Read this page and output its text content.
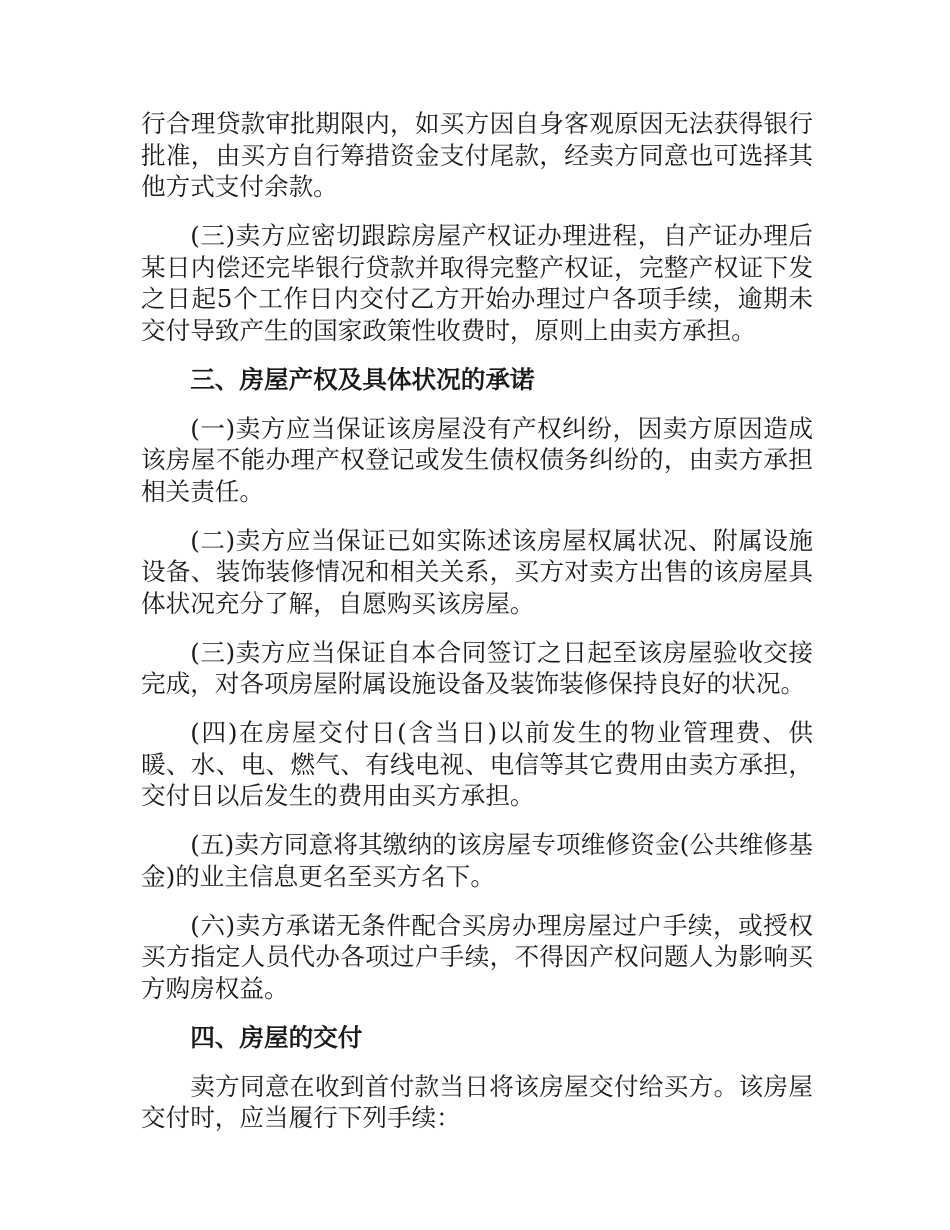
行合理贷款审批期限内，如买方因自身客观原因无法获得银行批准，由买方自行筹措资金支付尾款，经卖方同意也可选择其他方式支付余款。

(三)卖方应密切跟踪房屋产权证办理进程，自产证办理后某日内偿还完毕银行贷款并取得完整产权证，完整产权证下发之日起5个工作日内交付乙方开始办理过户各项手续，逾期未交付导致产生的国家政策性收费时，原则上由卖方承担。

三、房屋产权及具体状况的承诺

(一)卖方应当保证该房屋没有产权纠纷，因卖方原因造成该房屋不能办理产权登记或发生债权债务纠纷的，由卖方承担相关责任。

(二)卖方应当保证已如实陈述该房屋权属状况、附属设施设备、装饰装修情况和相关关系，买方对卖方出售的该房屋具体状况充分了解，自愿购买该房屋。

(三)卖方应当保证自本合同签订之日起至该房屋验收交接完成，对各项房屋附属设施设备及装饰装修保持良好的状况。

(四)在房屋交付日(含当日)以前发生的物业管理费、供暖、水、电、燃气、有线电视、电信等其它费用由卖方承担，交付日以后发生的费用由买方承担。

(五)卖方同意将其缴纳的该房屋专项维修资金(公共维修基金)的业主信息更名至买方名下。

(六)卖方承诺无条件配合买房办理房屋过户手续，或授权买方指定人员代办各项过户手续，不得因产权问题人为影响买方购房权益。

四、房屋的交付

卖方同意在收到首付款当日将该房屋交付给买方。该房屋交付时，应当履行下列手续：
